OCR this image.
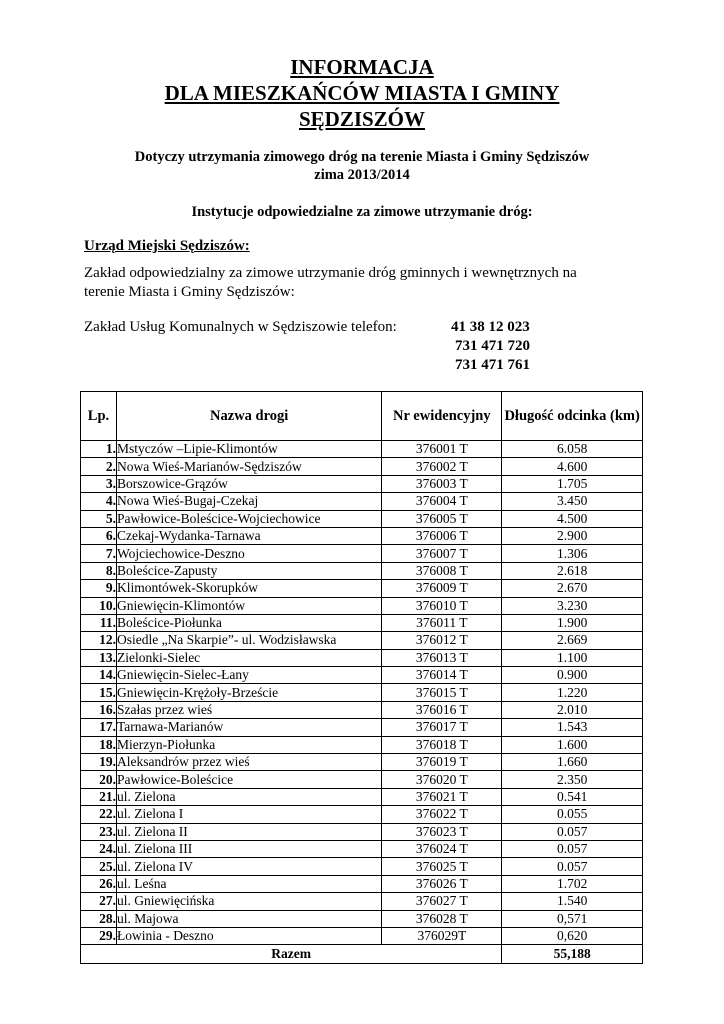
INFORMACJA
DLA MIESZKAŃCÓW MIASTA I GMINY
SĘDZISZÓW
Dotyczy utrzymania zimowego dróg na terenie Miasta i Gminy Sędziszów
zima 2013/2014
Instytucje odpowiedzialne za zimowe utrzymanie dróg:
Urząd Miejski Sędziszów:
Zakład odpowiedzialny za zimowe utrzymanie dróg gminnych i wewnętrznych na
terenie Miasta i Gminy Sędziszów:
Zakład Usług Komunalnych w Sędziszowie telefon:	41 38 12 023
731 471 720
731 471 761
Lp.	Nazwa drogi	Nr ewidencyjny	Długość odcinka (km)
1.	Mstyczów –Lipie-Klimontów	376001 T	6.058
2.	Nowa Wieś-Marianów-Sędziszów	376002 T	4.600
3.	Borszowice-Grązów	376003 T	1.705
4.	Nowa Wieś-Bugaj-Czekaj	376004 T	3.450
5.	Pawłowice-Boleścice-Wojciechowice	376005 T	4.500
6.	Czekaj-Wydanka-Tarnawa	376006 T	2.900
7.	Wojciechowice-Deszno	376007 T	1.306
8.	Boleścice-Zapusty	376008 T	2.618
9.	Klimontówek-Skorupków	376009 T	2.670
10.	Gniewięcin-Klimontów	376010 T	3.230
11.	Boleścice-Piołunka	376011 T	1.900
12.	Osiedle „Na Skarpie”- ul. Wodzisławska	376012 T	2.669
13.	Zielonki-Sielec	376013 T	1.100
14.	Gniewięcin-Sielec-Łany	376014 T	0.900
15.	Gniewięcin-Krężoły-Brzeście	376015 T	1.220
16.	Szałas przez wieś	376016 T	2.010
17.	Tarnawa-Marianów	376017 T	1.543
18.	Mierzyn-Piołunka	376018 T	1.600
19.	Aleksandrów przez wieś	376019 T	1.660
20.	Pawłowice-Boleścice	376020 T	2.350
21.	ul. Zielona	376021 T	0.541
22.	ul. Zielona I	376022 T	0.055
23.	ul. Zielona II	376023 T	0.057
24.	ul. Zielona III	376024 T	0.057
25.	ul. Zielona IV	376025 T	0.057
26.	ul. Leśna	376026 T	1.702
27.	ul. Gniewięcińska	376027 T	1.540
28.	ul. Majowa	376028 T	0,571
29.	Łowinia - Deszno	376029T	0,620
Razem			55,188
